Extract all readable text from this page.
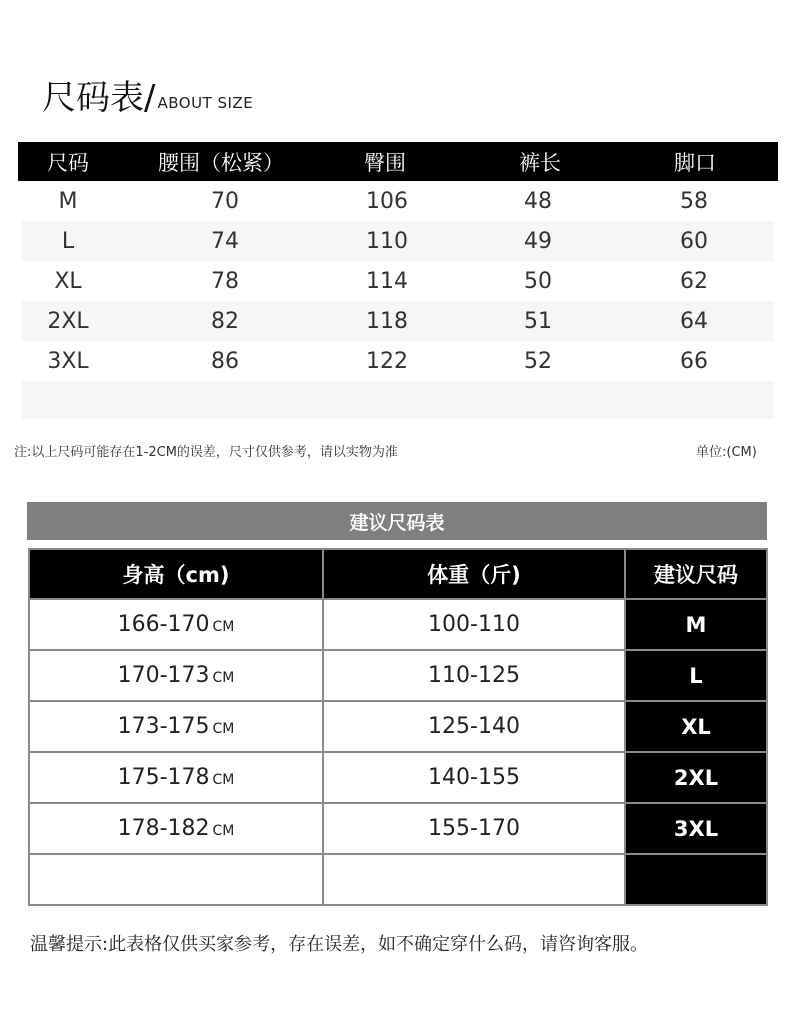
尺码表/ ABOUT SIZE
尺码	腰围（松紧）	臀围	裤长	脚口
M	70	106	48	58
L	74	110	49	60
XL	78	114	50	62
2XL	82	118	51	64
3XL	86	122	52	66
注:以上尺码可能存在1-2CM的误差，尺寸仅供参考，请以实物为准	单位:(CM)
建议尺码表
身高（cm)	体重（斤)	建议尺码
166-170 CM	100-110	M
170-173 CM	110-125	L
173-175 CM	125-140	XL
175-178 CM	140-155	2XL
178-182 CM	155-170	3XL

温馨提示:此表格仅供买家参考，存在误差，如不确定穿什么码，请咨询客服。
